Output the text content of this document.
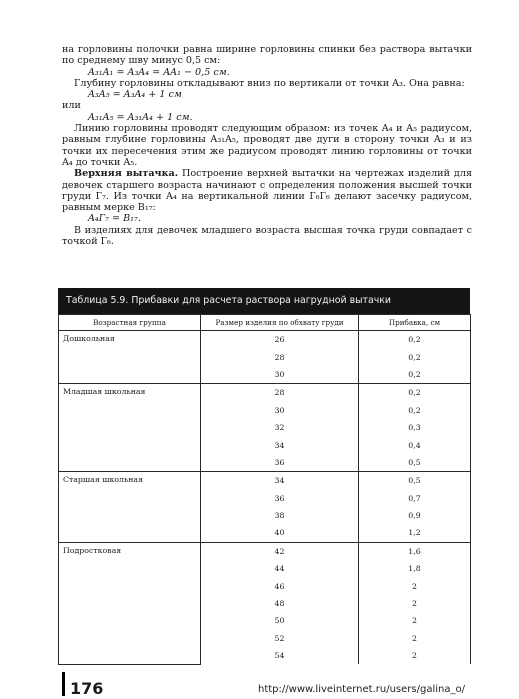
на горловины полочки равна ширине горловины спинки без раствора вытачки по среднему шву минус 0,5 см:

A₃₁A₁ = A₃A₄ = AA₁ − 0,5 см.

Глубину горловины откладывают вниз по вертикали от точки A₃. Она равна:

A₃A₅ = A₃A₄ + 1 см

или

A₃₁A₅ = A₃₁A₄ + 1 см.

Линию горловины проводят следующим образом: из точек A₄ и A₅ радиусом, равным глубине горловины A₃₁A₅, проводят две дуги в сторону точки A₃ и из точки их пересечения этим же радиусом проводят линию горловины от точки A₄ до точки A₅.

Верхняя вытачка. Построение верхней вытачки на чертежах изделий для девочек старшего возраста начинают с определения положения высшей точки груди Г₇. Из точки A₄ на вертикальной линии Г₆Г₆ делают засечку радиусом, равным мерке B₁₇:

A₄Г₇ = B₁₇.

В изделиях для девочек младшего возраста высшая точка груди совпадает с точкой Г₆.

Таблица 5.9. Прибавки для расчета раствора нагрудной вытачки
Возрастная группа	Размер изделия по обхвату груди	Прибавка, см
Дошкольная	26	0,2
	28	0,2
	30	0,2
Младшая школьная	28	0,2
	30	0,2
	32	0,3
	34	0,4
	36	0,5
Старшая школьная	34	0,5
	36	0,7
	38	0,9
	40	1,2
Подростковая	42	1,6
	44	1,8
	46	2
	48	2
	50	2
	52	2
	54	2
176	http://www.liveinternet.ru/users/galina_o/
